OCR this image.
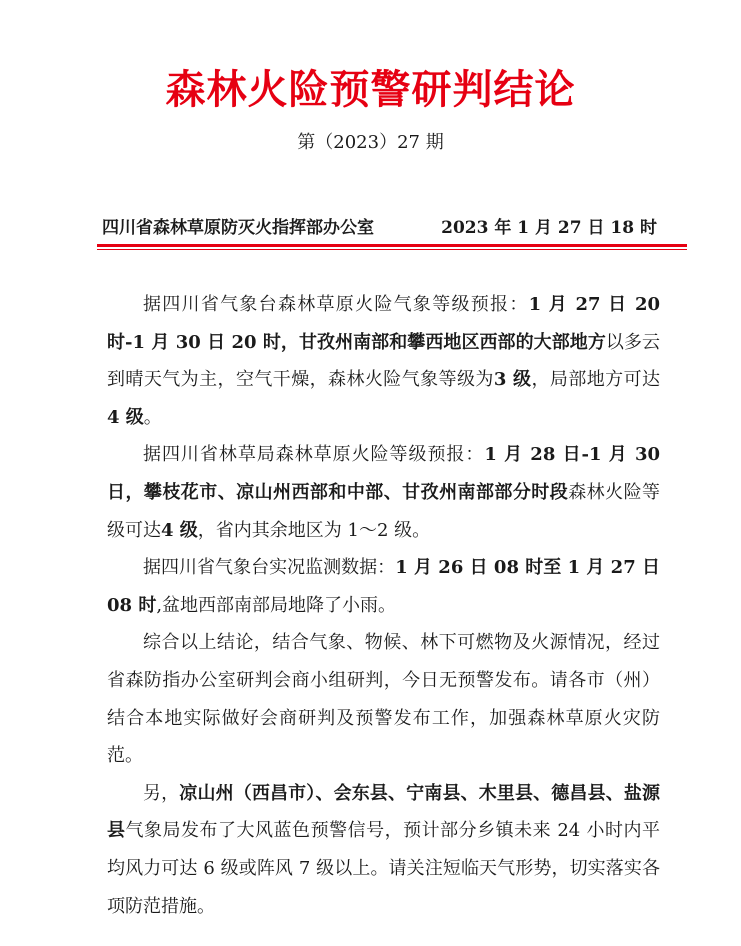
森林火险预警研判结论
第（2023）27 期
四川省森林草原防灭火指挥部办公室	2023 年 1 月 27 日 18 时

据四川省气象台森林草原火险气象等级预报：1 月 27 日 20 时-1 月 30 日 20 时，甘孜州南部和攀西地区西部的大部地方以多云到晴天气为主，空气干燥，森林火险气象等级为3 级，局部地方可达4 级。

据四川省林草局森林草原火险等级预报：1 月 28 日-1 月 30 日，攀枝花市、凉山州西部和中部、甘孜州南部部分时段森林火险等级可达4 级，省内其余地区为 1～2 级。

据四川省气象台实况监测数据：1 月 26 日 08 时至 1 月 27 日 08 时,盆地西部南部局地降了小雨。

综合以上结论，结合气象、物候、林下可燃物及火源情况，经过省森防指办公室研判会商小组研判，今日无预警发布。请各市（州）结合本地实际做好会商研判及预警发布工作，加强森林草原火灾防范。

另，凉山州（西昌市）、会东县、宁南县、木里县、德昌县、盐源县气象局发布了大风蓝色预警信号，预计部分乡镇未来 24 小时内平均风力可达 6 级或阵风 7 级以上。请关注短临天气形势，切实落实各项防范措施。
